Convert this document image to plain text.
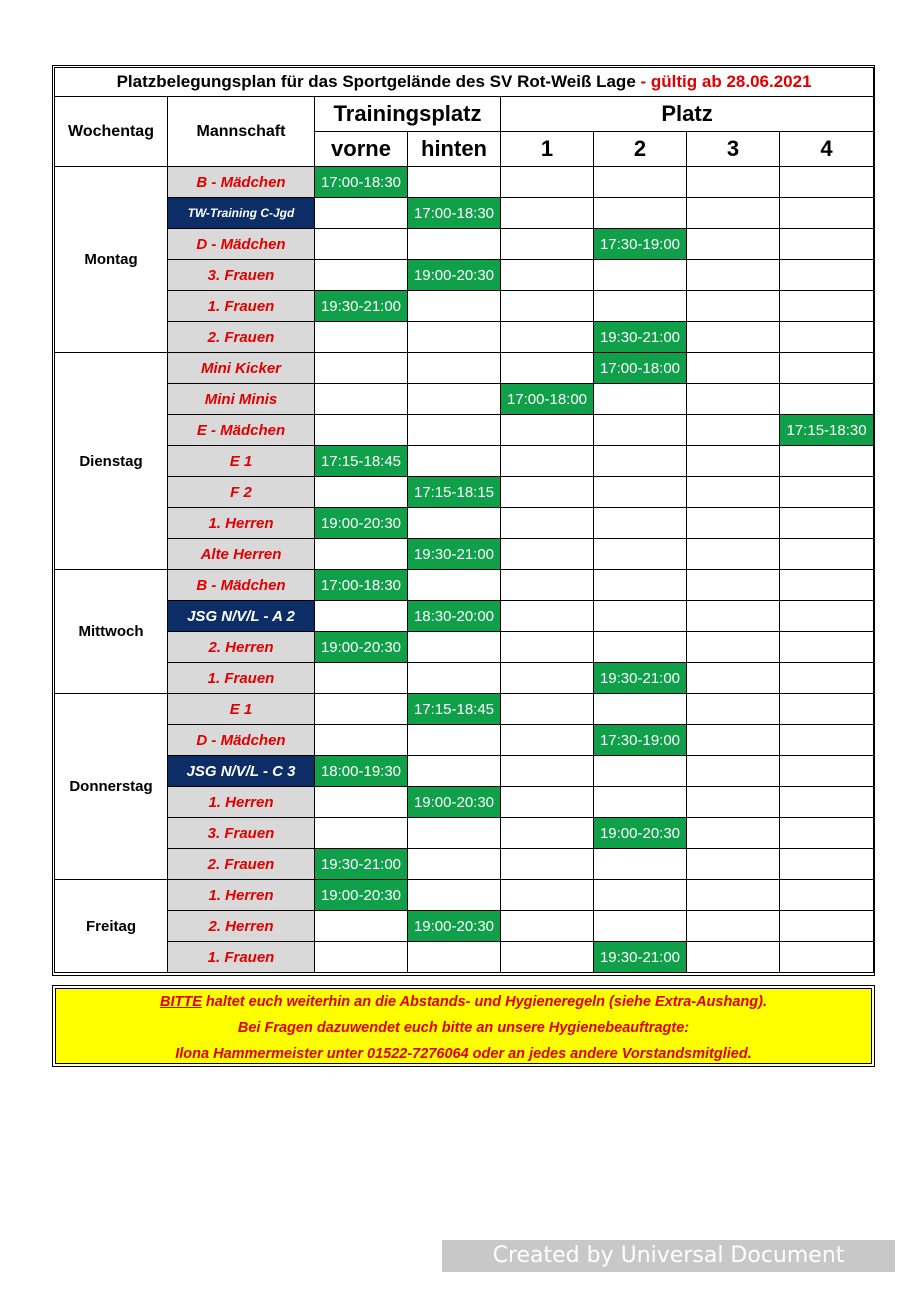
Platzbelegungsplan für das Sportgelände des SV Rot-Weiß Lage - gültig ab 28.06.2021							
Wochentag	Mannschaft	Trainingsplatz		Platz			
		vorne	hinten	1	2	3	4
Montag	B - Mädchen	17:00-18:30					
	TW-Training C-Jgd		17:00-18:30				
	D - Mädchen				17:30-19:00		
	3. Frauen		19:00-20:30				
	1. Frauen	19:30-21:00					
	2. Frauen				19:30-21:00		
Dienstag	Mini Kicker				17:00-18:00		
	Mini Minis			17:00-18:00			
	E - Mädchen						17:15-18:30
	E 1	17:15-18:45					
	F 2		17:15-18:15				
	1. Herren	19:00-20:30					
	Alte Herren		19:30-21:00				
Mittwoch	B - Mädchen	17:00-18:30					
	JSG N/V/L - A 2		18:30-20:00				
	2. Herren	19:00-20:30					
	1. Frauen				19:30-21:00		
Donnerstag	E 1		17:15-18:45				
	D - Mädchen				17:30-19:00		
	JSG N/V/L - C 3	18:00-19:30					
	1. Herren		19:00-20:30				
	3. Frauen				19:00-20:30		
	2. Frauen	19:30-21:00					
Freitag	1. Herren	19:00-20:30					
	2. Herren		19:00-20:30				
	1. Frauen				19:30-21:00		
BITTE haltet euch weiterhin an die Abstands- und Hygieneregeln (siehe Extra-Aushang).
Bei Fragen dazuwendet euch bitte an unsere Hygienebeauftragte:
Ilona Hammermeister unter 01522-7276064 oder an jedes andere Vorstandsmitglied.
Created by Universal Document Converter
